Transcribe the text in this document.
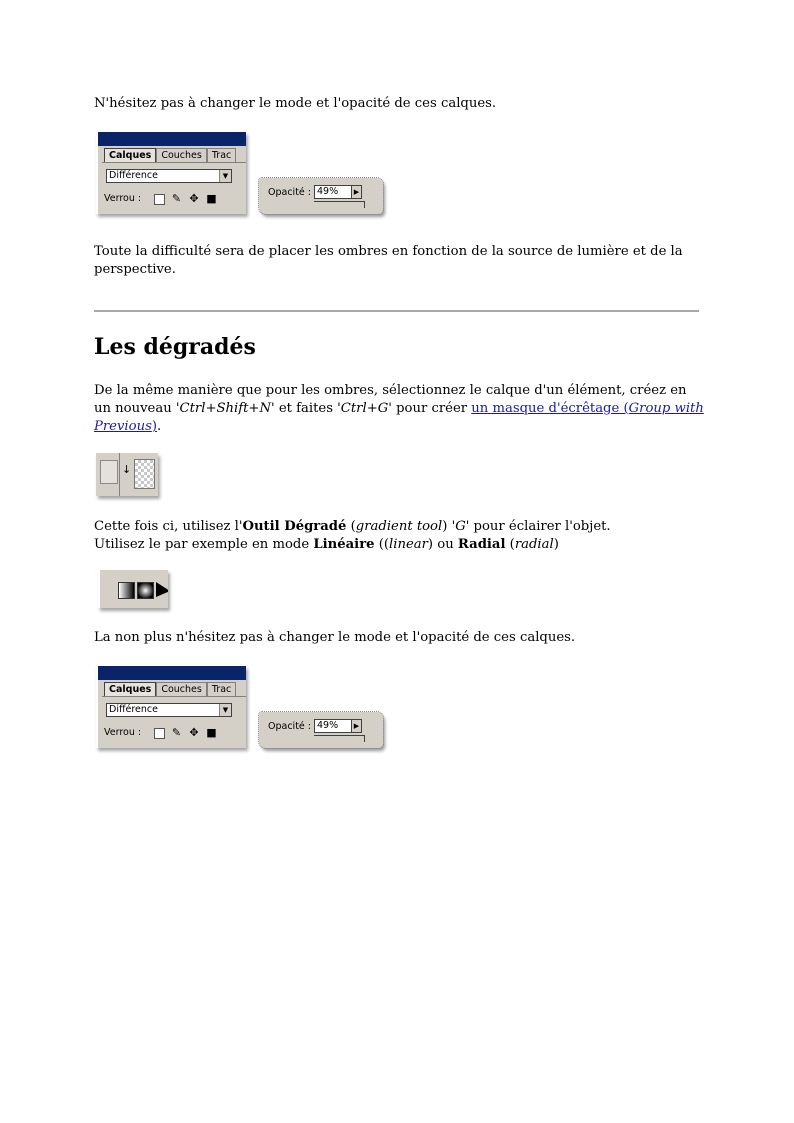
N'hésitez pas à changer le mode et l'opacité de ces calques.

Calques Couches Trac
Différence	▼

Verrou :	✎ ✥ ■	Opacité : 49%	▶

Toute la difficulté sera de placer les ombres en fonction de la source de lumière et de la perspective.

Les dégradés

De la même manière que pour les ombres, sélectionnez le calque d'un élément, créez en un nouveau 'Ctrl+Shift+N' et faites 'Ctrl+G' pour créer un masque d'écrêtage (Group with Previous).

↓

Cette fois ci, utilisez l'Outil Dégradé (gradient tool) 'G' pour éclairer l'objet.

Utilisez le par exemple en mode Linéaire ((linear) ou Radial (radial)

La non plus n'hésitez pas à changer le mode et l'opacité de ces calques.

Calques Couches Trac
Différence	▼

Verrou :	✎ ✥ ■	Opacité : 49%	▶
